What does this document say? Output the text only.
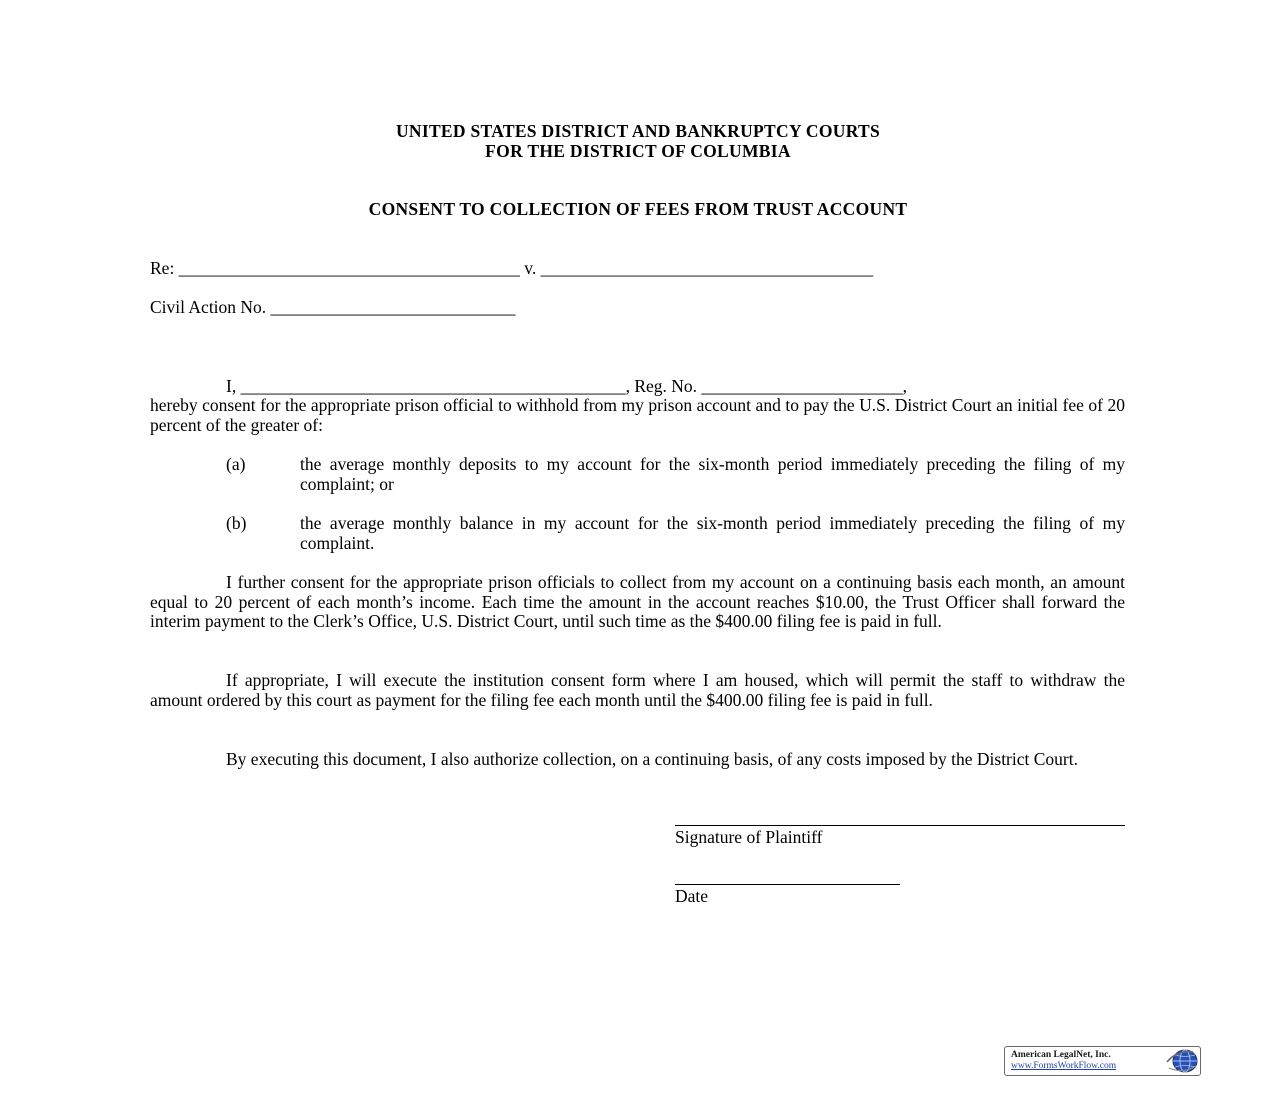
UNITED STATES DISTRICT AND BANKRUPTCY COURTS
FOR THE DISTRICT OF COLUMBIA
CONSENT TO COLLECTION OF FEES FROM TRUST ACCOUNT
Re: _______________________________________ v. ______________________________________
Civil Action No. ____________________________
I, ____________________________________________, Reg. No. _______________________,
hereby consent for the appropriate prison official to withhold from my prison account and to pay the U.S. District Court an initial fee of 20 percent of the greater of:
(a)	the average monthly deposits to my account for the six-month period immediately preceding the filing of my complaint; or
(b)	the average monthly balance in my account for the six-month period immediately preceding the filing of my complaint.
I further consent for the appropriate prison officials to collect from my account on a continuing basis each month, an amount equal to 20 percent of each month’s income. Each time the amount in the account reaches $10.00, the Trust Officer shall forward the interim payment to the Clerk’s Office, U.S. District Court, until such time as the $400.00 filing fee is paid in full.
If appropriate, I will execute the institution consent form where I am housed, which will permit the staff to withdraw the amount ordered by this court as payment for the filing fee each month until the $400.00 filing fee is paid in full.
By executing this document, I also authorize collection, on a continuing basis, of any costs imposed by the District Court.
Signature of Plaintiff
Date
American LegalNet, Inc.
www.FormsWorkFlow.com
